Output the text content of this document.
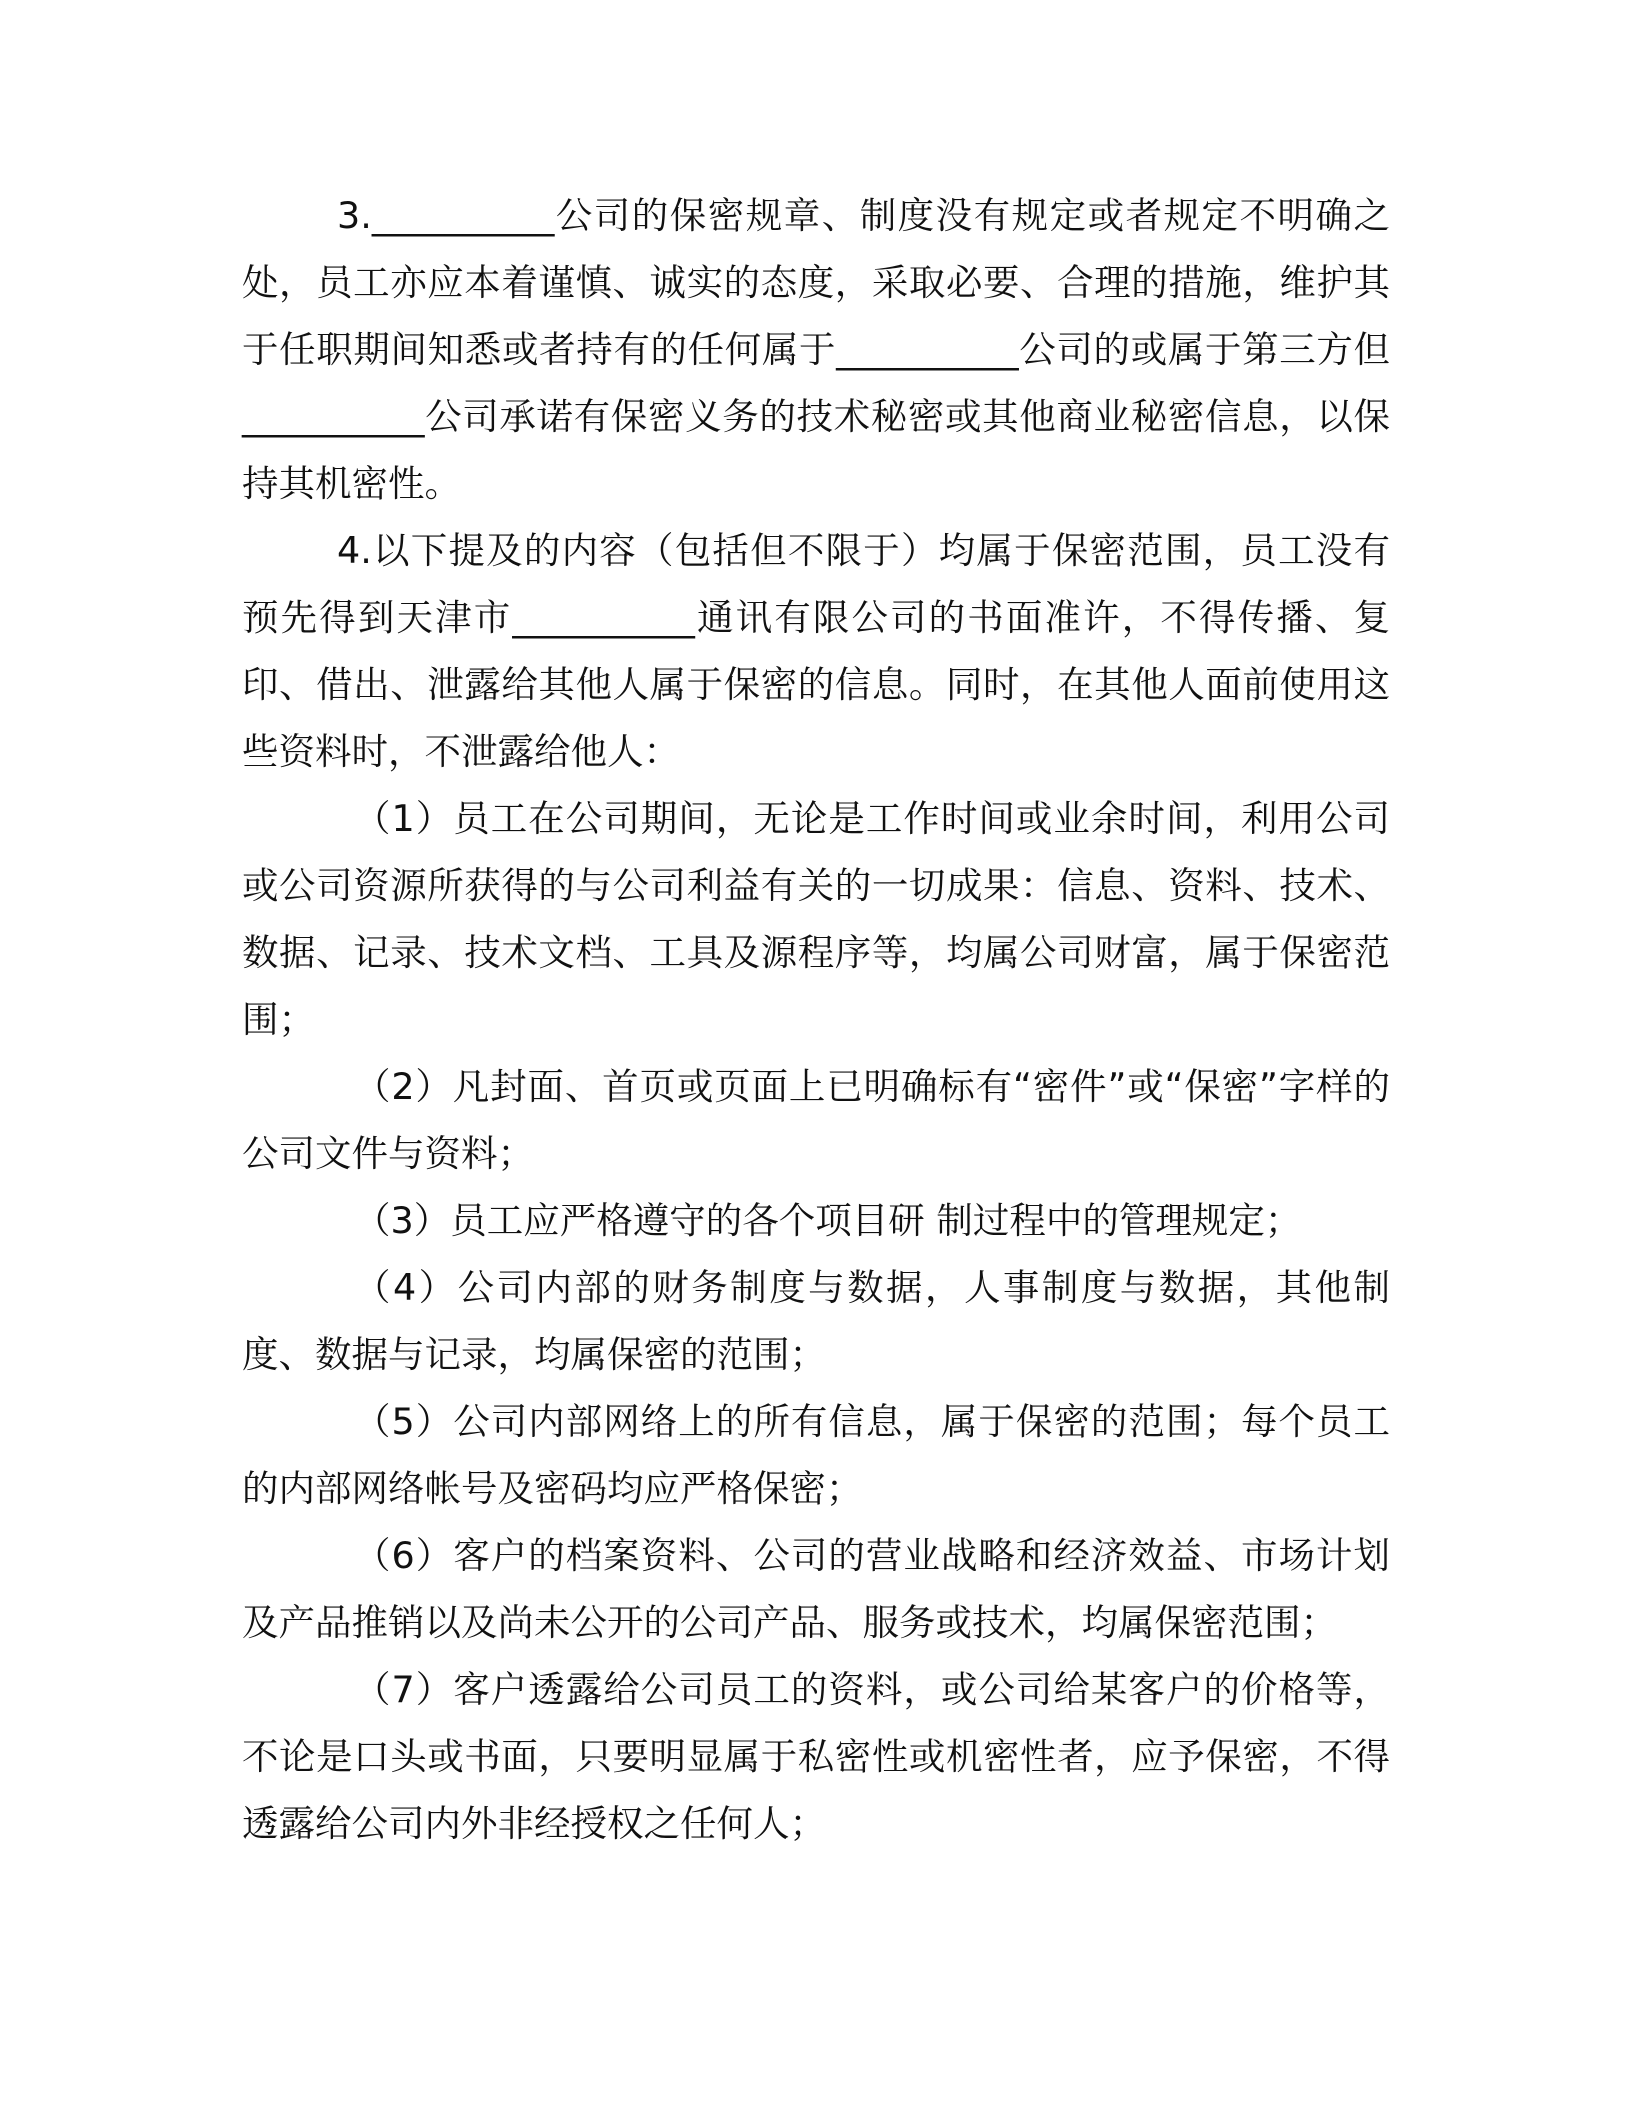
3.__________公司的保密规章、制度没有规定或者规定不明确之处，员工亦应本着谨慎、诚实的态度，采取必要、合理的措施，维护其于任职期间知悉或者持有的任何属于__________公司的或属于第三方但__________公司承诺有保密义务的技术秘密或其他商业秘密信息，以保持其机密性。

4.以下提及的内容（包括但不限于）均属于保密范围，员工没有预先得到天津市__________通讯有限公司的书面准许，不得传播、复印、借出、泄露给其他人属于保密的信息。同时，在其他人面前使用这些资料时，不泄露给他人：

（1）员工在公司期间，无论是工作时间或业余时间，利用公司或公司资源所获得的与公司利益有关的一切成果：信息、资料、技术、数据、记录、技术文档、工具及源程序等，均属公司财富，属于保密范围；

（2）凡封面、首页或页面上已明确标有“密件”或“保密”字样的公司文件与资料；

（3）员工应严格遵守的各个项目研 制过程中的管理规定；

（4）公司内部的财务制度与数据，人事制度与数据，其他制度、数据与记录，均属保密的范围；

（5）公司内部网络上的所有信息，属于保密的范围；每个员工的内部网络帐号及密码均应严格保密；

（6）客户的档案资料、公司的营业战略和经济效益、市场计划及产品推销以及尚未公开的公司产品、服务或技术，均属保密范围；

（7）客户透露给公司员工的资料，或公司给某客户的价格等，不论是口头或书面，只要明显属于私密性或机密性者，应予保密，不得透露给公司内外非经授权之任何人；
